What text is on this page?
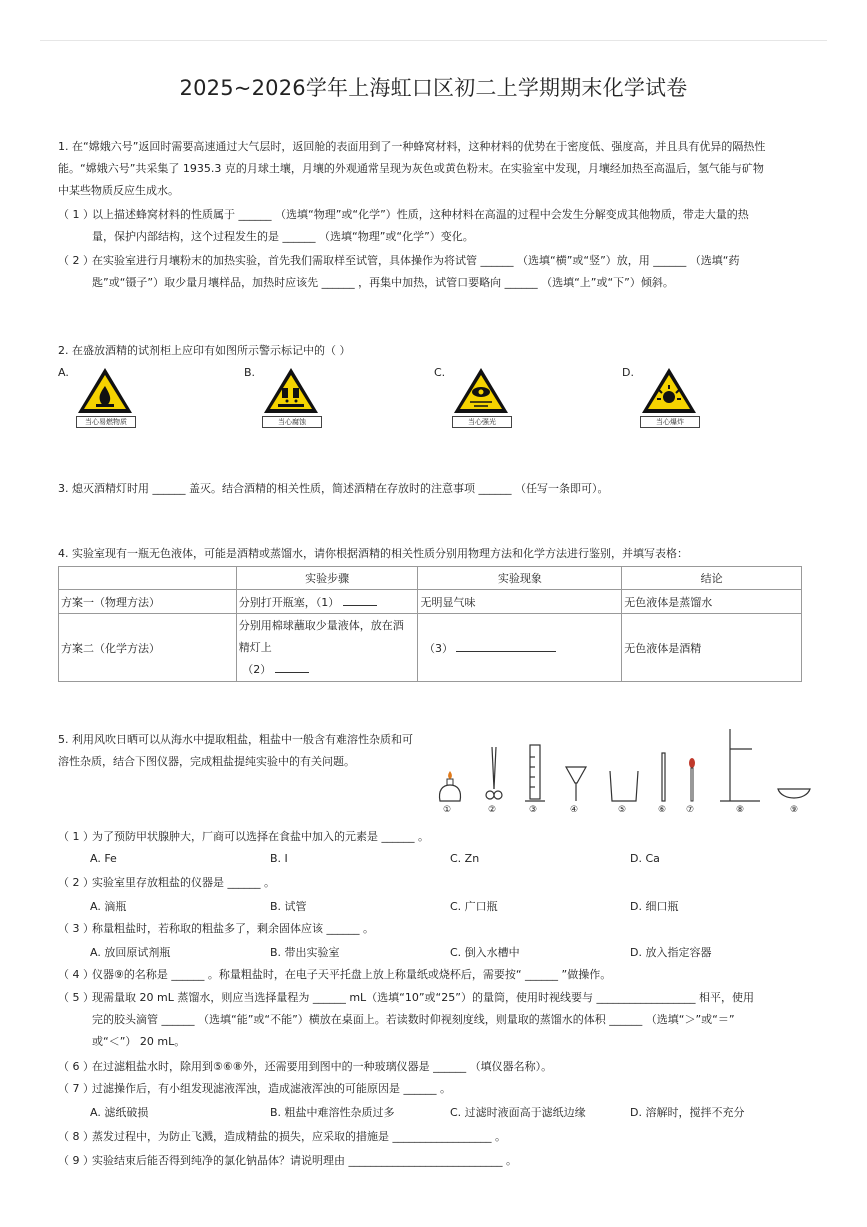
2025~2026学年上海虹口区初二上学期期末化学试卷
1. 在“嫦娥六号”返回时需要高速通过大气层时，返回舱的表面用到了一种蜂窝材料，这种材料的优势在于密度低、强度高，并且具有优异的隔热性
能。“嫦娥六号”共采集了 1935.3 克的月球土壤，月壤的外观通常呈现为灰色或黄色粉末。在实验室中发现，月壤经加热至高温后，氢气能与矿物
中某些物质反应生成水。
（ 1 ）
以上描述蜂窝材料的性质属于 ______ （选填“物理”或“化学”）性质，这种材料在高温的过程中会发生分解变成其他物质，带走大量的热
量，保护内部结构，这个过程发生的是 ______ （选填“物理”或“化学”）变化。
（ 2 ）
在实验室进行月壤粉末的加热实验，首先我们需取样至试管，具体操作为将试管 ______ （选填“横”或“竖”）放，用 ______ （选填“药
匙”或“镊子”）取少量月壤样品，加热时应该先 ______ ，再集中加热，试管口要略向 ______ （选填“上”或“下”）倾斜。
2. 在盛放酒精的试剂柜上应印有如图所示警示标记中的（ ）
A.
当心易燃物质
B.
当心腐蚀
C.
当心强光
D.
当心爆炸
3. 熄灭酒精灯时用 ______ 盖灭。结合酒精的相关性质，简述酒精在存放时的注意事项 ______ （任写一条即可）。
4. 实验室现有一瓶无色液体，可能是酒精或蒸馏水，请你根据酒精的相关性质分别用物理方法和化学方法进行鉴别，并填写表格：
	实验步骤	实验现象	结论
方案一（物理方法）	分别打开瓶塞，（1）	无明显气味	无色液体是蒸馏水
方案二（化学方法）	分别用棉球蘸取少量液体，放在酒
精灯上
（2）	（3）	无色液体是酒精
5. 利用风吹日晒可以从海水中提取粗盐，粗盐中一般含有难溶性杂质和可
溶性杂质，结合下图仪器，完成粗盐提纯实验中的有关问题。
①	②	③	④	⑤	⑥ ⑦	⑧	⑨
（ 1 ）
为了预防甲状腺肿大，厂商可以选择在食盐中加入的元素是 ______ 。
A. Fe	B. I	C. Zn	D. Ca
（ 2 ）
实验室里存放粗盐的仪器是 ______ 。
A. 滴瓶	B. 试管	C. 广口瓶	D. 细口瓶
（ 3 ）
称量粗盐时，若称取的粗盐多了，剩余固体应该 ______ 。
A. 放回原试剂瓶	B. 带出实验室	C. 倒入水槽中	D. 放入指定容器
（ 4 ）
仪器⑨的名称是 ______ 。称量粗盐时，在电子天平托盘上放上称量纸或烧杯后，需要按“ ______ ”做操作。
（ 5 ）
现需量取 20 mL 蒸馏水，则应当选择量程为 ______ mL（选填“10”或“25”）的量筒，使用时视线要与 __________________ 相平，使用
完的胶头滴管 ______ （选填“能”或“不能”）横放在桌面上。若读数时仰视刻度线，则量取的蒸馏水的体积 ______ （选填“＞”或“＝”
或“＜”） 20 mL。
（ 6 ）
在过滤粗盐水时，除用到⑤⑥⑧外，还需要用到图中的一种玻璃仪器是 ______ （填仪器名称）。
（ 7 ）
过滤操作后，有小组发现滤液浑浊，造成滤液浑浊的可能原因是 ______ 。
A. 滤纸破损	B. 粗盐中难溶性杂质过多	C. 过滤时液面高于滤纸边缘	D. 溶解时，搅拌不充分
（ 8 ）
蒸发过程中，为防止飞溅，造成精盐的损失，应采取的措施是 __________________ 。
（ 9 ）
实验结束后能否得到纯净的氯化钠晶体？请说明理由 ____________________________ 。
